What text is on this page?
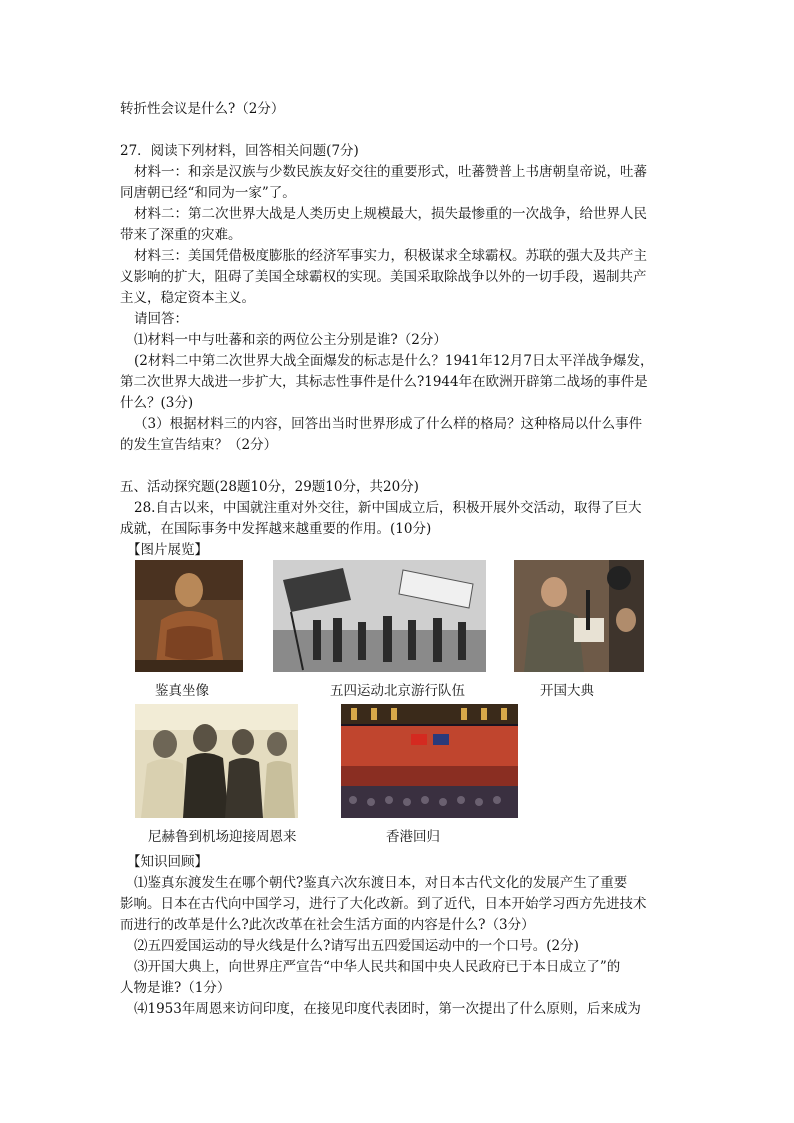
转折性会议是什么?（2分）
27．阅读下列材料，回答相关问题(7分)
材料一：和亲是汉族与少数民族友好交往的重要形式，吐蕃赞普上书唐朝皇帝说，吐蕃
同唐朝已经“和同为一家”了。
材料二：第二次世界大战是人类历史上规模最大，损失最惨重的一次战争，给世界人民
带来了深重的灾难。
材料三：美国凭借极度膨胀的经济军事实力，积极谋求全球霸权。苏联的强大及共产主
义影响的扩大，阻碍了美国全球霸权的实现。美国采取除战争以外的一切手段，遏制共产
主义，稳定资本主义。
请回答：
⑴材料一中与吐蕃和亲的两位公主分别是谁?（2分）
(2材料二中第二次世界大战全面爆发的标志是什么？1941年12月7日太平洋战争爆发，
第二次世界大战进一步扩大，其标志性事件是什么?1944年在欧洲开辟第二战场的事件是
什么？(3分)
（3）根据材料三的内容，回答出当时世界形成了什么样的格局？这种格局以什么事件
的发生宣告结束？（2分）
五、活动探究题(28题10分，29题10分，共20分)
28.自古以来，中国就注重对外交往，新中国成立后，积极开展外交活动，取得了巨大
成就，在国际事务中发挥越来越重要的作用。(10分)
【图片展览】
【知识回顾】
⑴鉴真东渡发生在哪个朝代?鉴真六次东渡日本，对日本古代文化的发展产生了重要
影响。日本在古代向中国学习，进行了大化改新。到了近代，日本开始学习西方先进技术
而进行的改革是什么?此次改革在社会生活方面的内容是什么?（3分）
⑵五四爱国运动的导火线是什么?请写出五四爱国运动中的一个口号。(2分)
⑶开国大典上，向世界庄严宣告“中华人民共和国中央人民政府已于本日成立了”的
人物是谁?（1分）
⑷1953年周恩来访问印度，在接见印度代表团时，第一次提出了什么原则，后来成为
鉴真坐像	五四运动北京游行队伍	开国大典
尼赫鲁到机场迎接周恩来	香港回归
